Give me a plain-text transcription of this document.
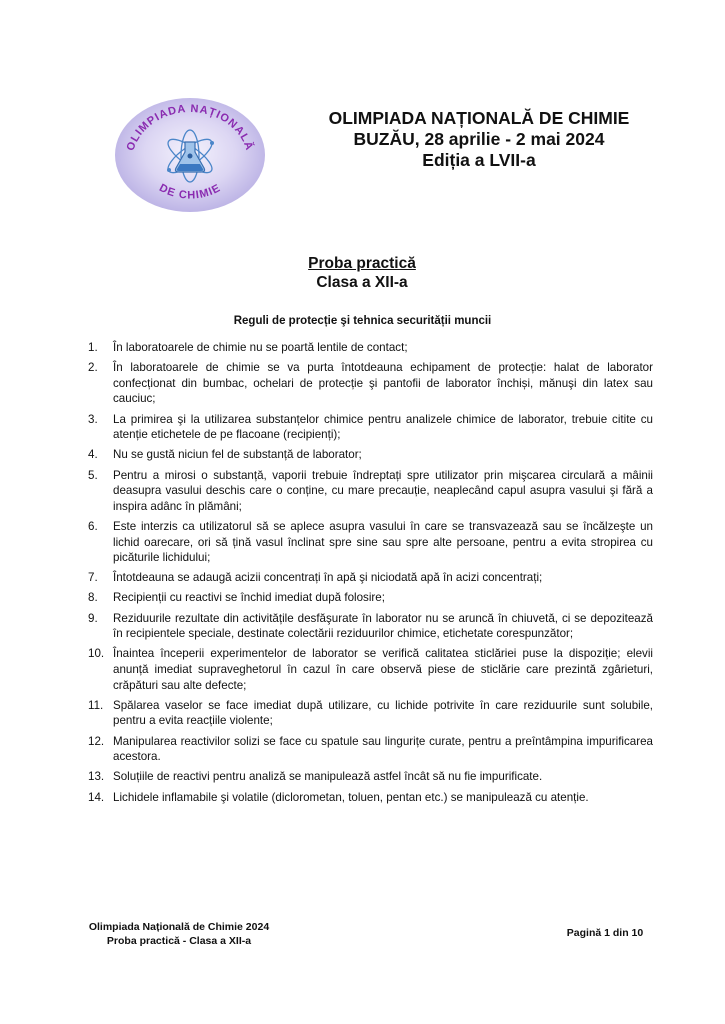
OLIMPIADA NAȚIONALĂ
DE CHIMIE
OLIMPIADA NAȚIONALĂ DE CHIMIE
BUZĂU, 28 aprilie - 2 mai 2024
Ediția a LVII-a
Proba practică
Clasa a XII-a
Reguli de protecție şi tehnica securității muncii
1.	În laboratoarele de chimie nu se poartă lentile de contact;
2.	În laboratoarele de chimie se va purta întotdeauna echipament de protecție: halat de laborator confecționat din bumbac, ochelari de protecție şi pantofii de laborator închiși, mănuşi din latex sau cauciuc;
3.	La primirea şi la utilizarea substanțelor chimice pentru analizele chimice de laborator, trebuie citite cu atenție etichetele de pe flacoane (recipienți);
4.	Nu se gustă niciun fel de substanță de laborator;
5.	Pentru a mirosi o substanță, vaporii trebuie îndreptați spre utilizator prin mişcarea circulară a mâinii deasupra vasului deschis care o conține, cu mare precauție, neaplecând capul asupra vasului şi fără a inspira adânc în plămâni;
6.	Este interzis ca utilizatorul să se aplece asupra vasului în care se transvazează sau se încălzeşte un lichid oarecare, ori să țină vasul înclinat spre sine sau spre alte persoane, pentru a evita stropirea cu picăturile lichidului;
7.	Întotdeauna se adaugă acizii concentrați în apă şi niciodată apă în acizi concentrați;
8.	Recipienții cu reactivi se închid imediat după folosire;
9.	Reziduurile rezultate din activitățile desfăşurate în laborator nu se aruncă în chiuvetă, ci se depozitează în recipientele speciale, destinate colectării reziduurilor chimice, etichetate corespunzător;
10. Înaintea începerii experimentelor de laborator se verifică calitatea sticlăriei puse la dispoziție; elevii anunță imediat supraveghetorul în cazul în care observă piese de sticlărie care prezintă zgârieturi, crăpături sau alte defecte;
11. Spălarea vaselor se face imediat după utilizare, cu lichide potrivite în care reziduurile sunt solubile, pentru a evita reacțiile violente;
12. Manipularea reactivilor solizi se face cu spatule sau lingurițe curate, pentru a preîntâmpina impurificarea acestora.
13. Soluțiile de reactivi pentru analiză se manipulează astfel încât să nu fie impurificate.
14. Lichidele inflamabile şi volatile (diclorometan, toluen, pentan etc.) se manipulează cu atenție.
Olimpiada Națională de Chimie 2024
Proba practică - Clasa a XII-a
Pagină 1 din 10
